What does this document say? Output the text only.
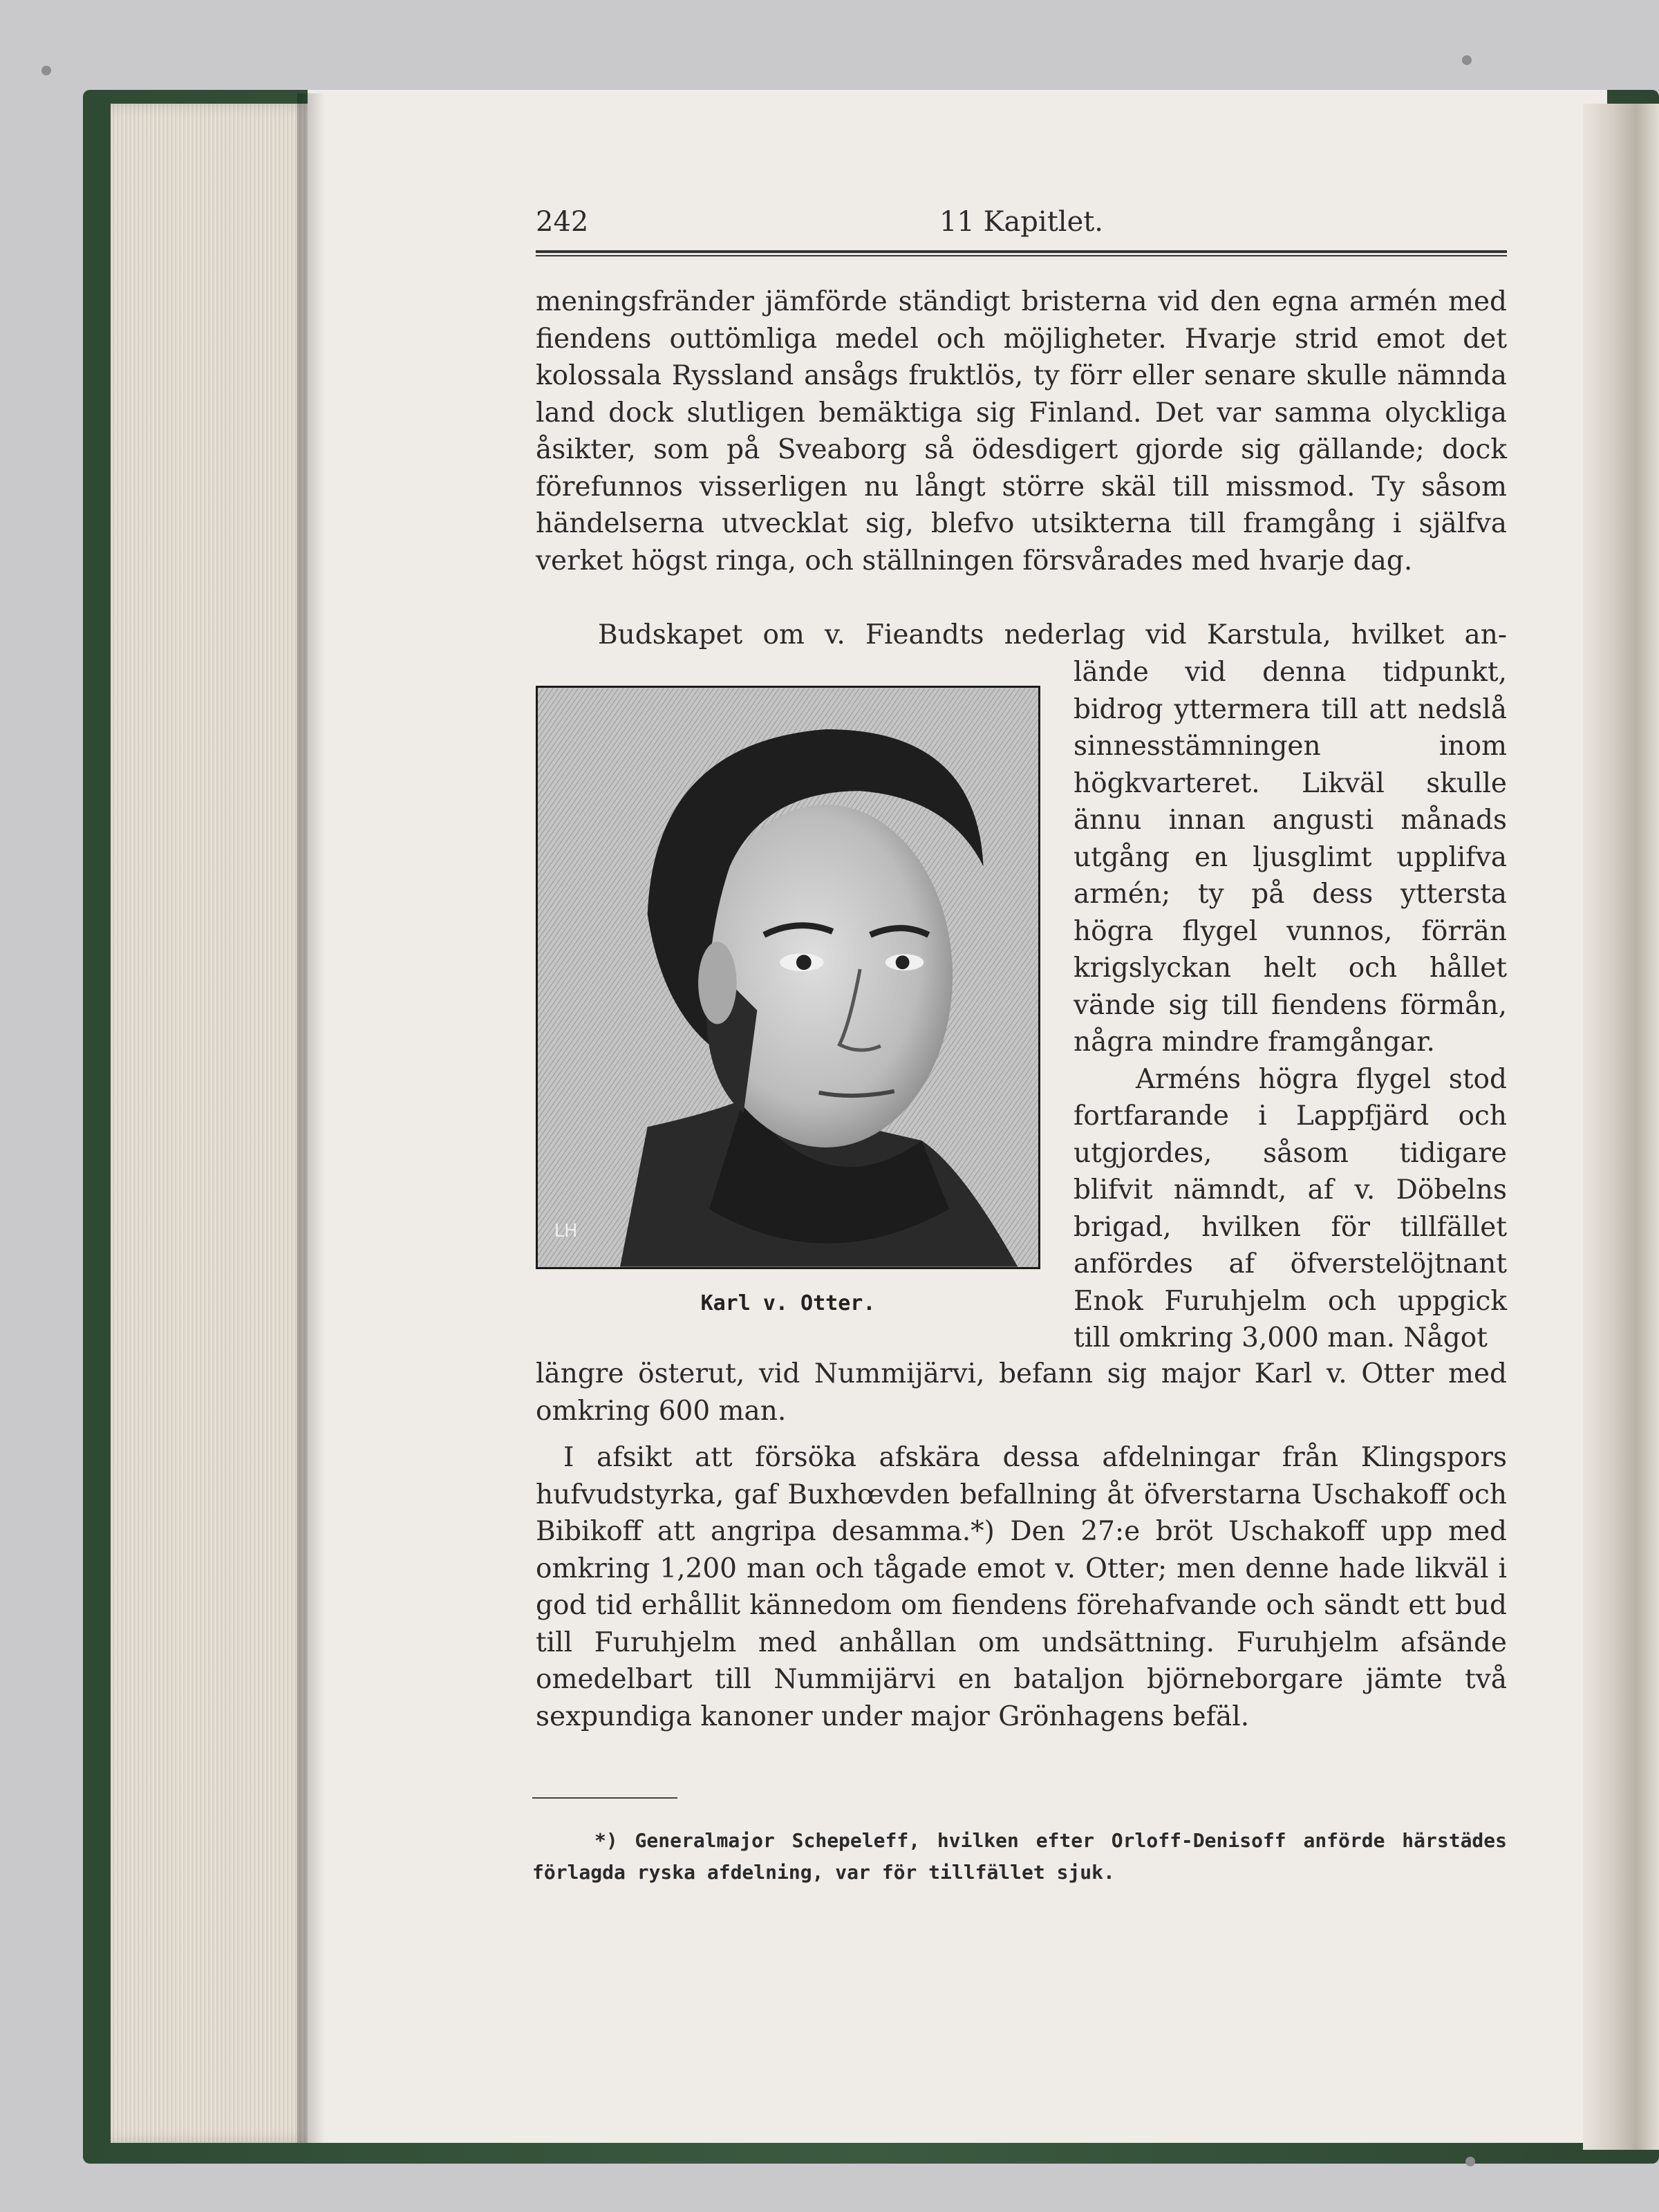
242	11 Kapitlet.

meningsfränder jämförde ständigt bristerna vid den egna armén med fiendens outtömliga medel och möjligheter. Hvarje strid emot det kolossala Ryssland ansågs fruktlös, ty förr eller senare skulle nämnda land dock slutligen bemäktiga sig Finland. Det var samma olyckliga åsikter, som på Sveaborg så ödesdigert gjorde sig gällande; dock förefunnos visserligen nu långt större skäl till missmod. Ty såsom händelserna utvecklat sig, blefvo utsikterna till framgång i själfva verket högst ringa, och ställningen försvårades med hvarje dag.

Budskapet om v. Fieandts nederlag vid Karstula, hvilket an-

lände vid denna tidpunkt, bidrog yttermera till att nedslå sinnesstämningen inom högkvarteret. Likväl skulle ännu innan angusti månads utgång en ljusglimt upplifva armén; ty på dess yttersta högra flygel vunnos, förrän krigslyckan helt och hållet vände sig till fiendens förmån, några mindre framgångar.

Arméns högra flygel stod fortfarande i Lappfjärd och utgjordes, såsom tidigare blifvit nämndt, af v. Döbelns brigad, hvilken för tillfället anfördes af öfverstelöjtnant Enok Furuhjelm och uppgick till omkring 3,000 man. Något

LH
Karl v. Otter.

längre österut, vid Nummijärvi, befann sig major Karl v. Otter med omkring 600 man.

I afsikt att försöka afskära dessa afdelningar från Klingspors hufvudstyrka, gaf Buxhœvden befallning åt öfverstarna Uschakoff och Bibikoff att angripa desamma.*) Den 27:e bröt Uschakoff upp med omkring 1,200 man och tågade emot v. Otter; men denne hade likväl i god tid erhållit kännedom om fiendens förehafvande och sändt ett bud till Furuhjelm med anhållan om undsättning. Furuhjelm afsände omedelbart till Nummijärvi en bataljon björneborgare jämte två sexpundiga kanoner under major Grönhagens befäl.

*) Generalmajor Schepeleff, hvilken efter Orloff-Denisoff anförde härstädes förlagda ryska afdelning, var för tillfället sjuk.
